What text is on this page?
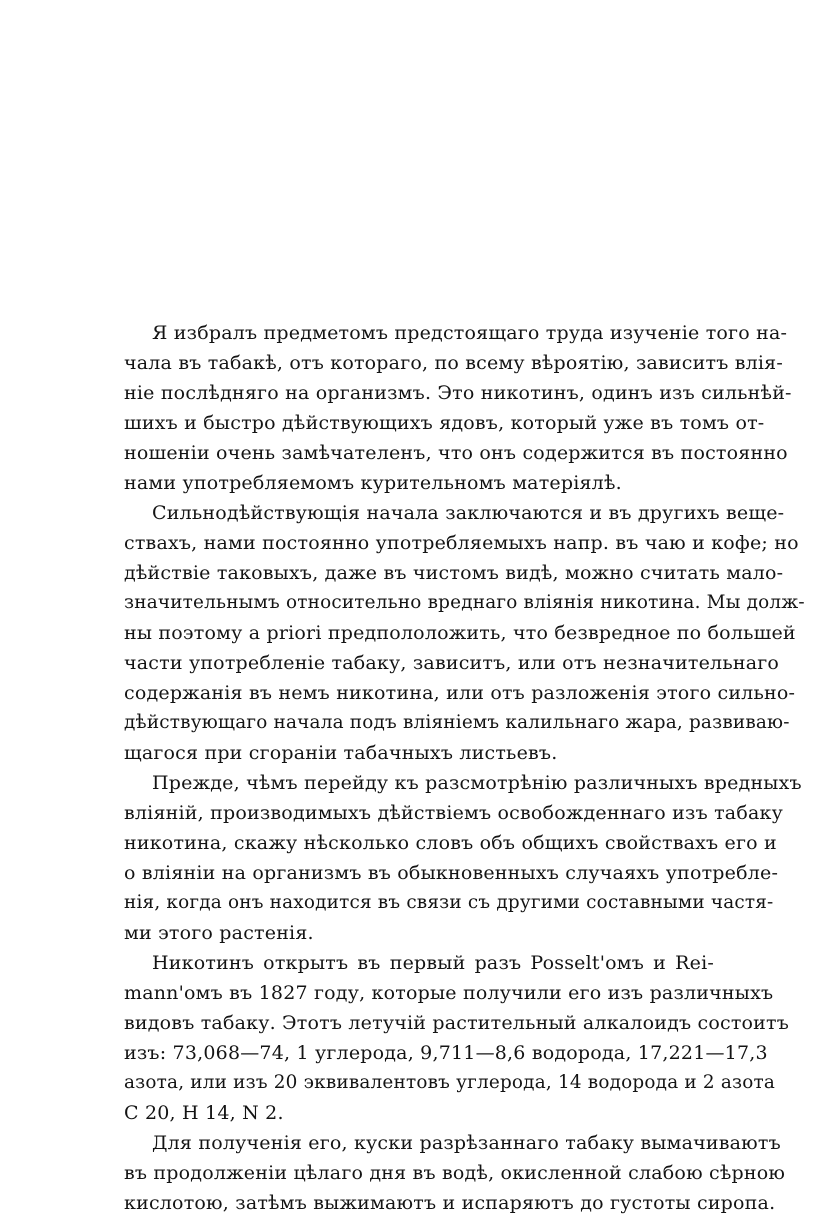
Я избралъ предметомъ предстоящаго труда изученіе того на-
чала въ табакѣ, отъ котораго, по всему вѣроятію, зависитъ влія-
ніе послѣдняго на организмъ. Это никотинъ, одинъ изъ сильнѣй-
шихъ и быстро дѣйствующихъ ядовъ, который уже въ томъ от-
ношеніи очень замѣчателенъ, что онъ содержится въ постоянно
нами употребляемомъ курительномъ матеріялѣ.
Сильнодѣйствующія начала заключаются и въ другихъ веще-
ствахъ, нами постоянно употребляемыхъ напр. въ чаю и кофе; но
дѣйствіе таковыхъ, даже въ чистомъ видѣ, можно считать мало-
значительнымъ относительно вреднаго вліянія никотина. Мы долж-
ны поэтому a priori предпололожить, что безвредное по большей
части употребленіе табаку, зависитъ, или отъ незначительнаго
содержанія въ немъ никотина, или отъ разложенія этого сильно-
дѣйствующаго начала подъ вліяніемъ калильнаго жара, развиваю-
щагося при сгораніи табачныхъ листьевъ.
Прежде, чѣмъ перейду къ разсмотрѣнію различныхъ вредныхъ
вліяній, производимыхъ дѣйствіемъ освобожденнаго изъ табаку
никотина, скажу нѣсколько словъ объ общихъ свойствахъ его и
о вліяніи на организмъ въ обыкновенныхъ случаяхъ употребле-
нія, когда онъ находится въ связи съ другими составными частя-
ми этого растенія.
Никотинъ открытъ въ первый разъ Posselt'омъ и Rei-
mann'омъ въ 1827 году, которые получили его изъ различныхъ
видовъ табаку. Этотъ летучій растительный алкалоидъ состоитъ
изъ: 73,068—74, 1 углерода, 9,711—8,6 водорода, 17,221—17,3
азота, или изъ 20 эквивалентовъ углерода, 14 водорода и 2 азота
C 20, H 14, N 2.
Для полученія его, куски разрѣзаннаго табаку вымачиваютъ
въ продолженіи цѣлаго дня въ водѣ, окисленной слабою сѣрною
кислотою, затѣмъ выжимаютъ и испаряютъ до густоты сиропа.
